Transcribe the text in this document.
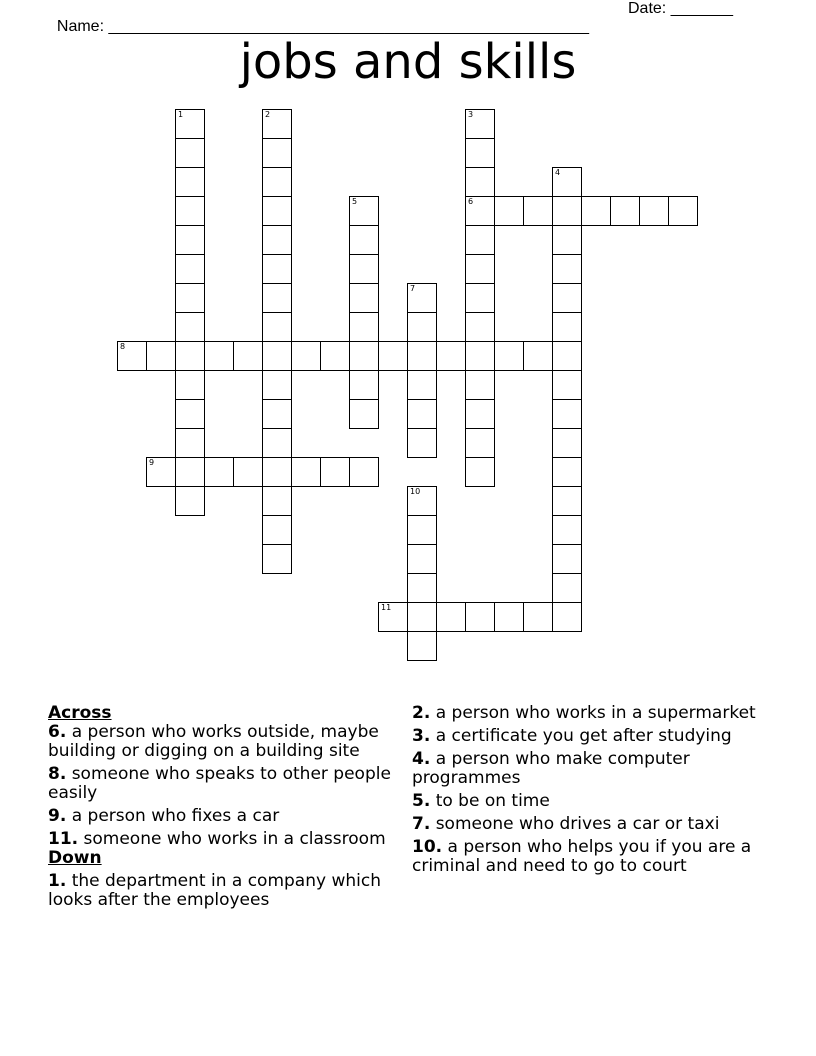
Name: ______________________________________________________

Date: _______

jobs and skills
1	2	3
6
4
5
7
8
9
10
11
Across
6. a person who works outside, maybe building or digging on a building site
8. someone who speaks to other people easily
9. a person who fixes a car
11. someone who works in a classroom
Down
1. the department in a company which looks after the employees
2. a person who works in a supermarket
3. a certificate you get after studying
4. a person who make computer programmes
5. to be on time
7. someone who drives a car or taxi
10. a person who helps you if you are a criminal and need to go to court
